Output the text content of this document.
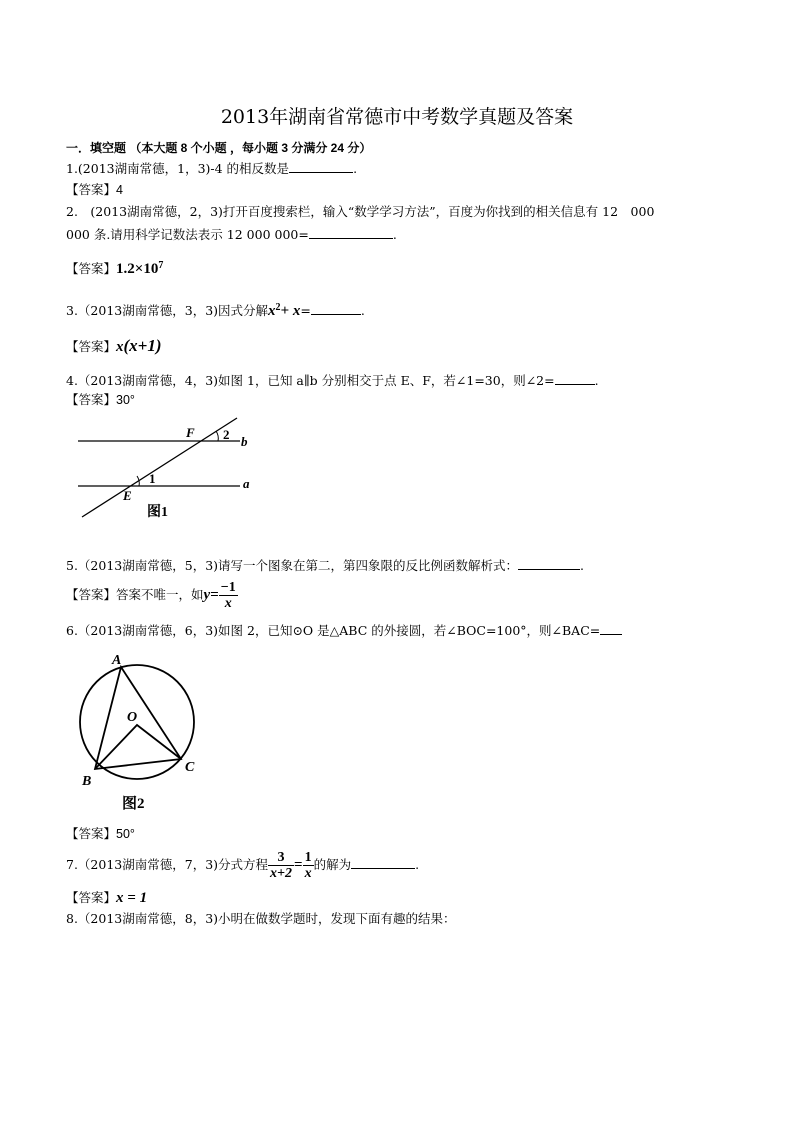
2013年湖南省常德市中考数学真题及答案
一．填空题 （本大题 8 个小题 ，每小题 3 分满分 24 分）
1.(2013湖南常德，1，3)-4 的相反数是	.
【答案】4
2.　(2013湖南常德，2，3)打开百度搜索栏，输入“数学学习方法”，百度为你找到的相关信息有 12　000
000 条.请用科学记数法表示 12 000 000=	.
【答案】$1.2\times 10^7$
3.（2013湖南常德，3，3)因式分解$x^2+ x=$	.
【答案】x(x+1)
4.（2013湖南常德，4，3)如图 1，已知 a∥b 分别相交于点 E、F，若∠1=30，则∠2=	.
【答案】30°
F 2 b
1	a
E
图1
5.（2013湖南常德，5，3)请写一个图象在第二，第四象限的反比例函数解析式：	.
【答案】答案不唯一，如$y= \frac{-1}{x}$
6.（2013湖南常德，6，3)如图 2，已知⊙O 是△ABC 的外接圆，若∠BOC=100°，则∠BAC=
A
O
B
C
图2
【答案】50°
7.（2013湖南常德，7，3)分式方程 $\frac{3}{x+2} = \frac{1}{x}$ 的解为	.
【答案】x = 1
8.（2013湖南常德，8，3)小明在做数学题时，发现下面有趣的结果：
